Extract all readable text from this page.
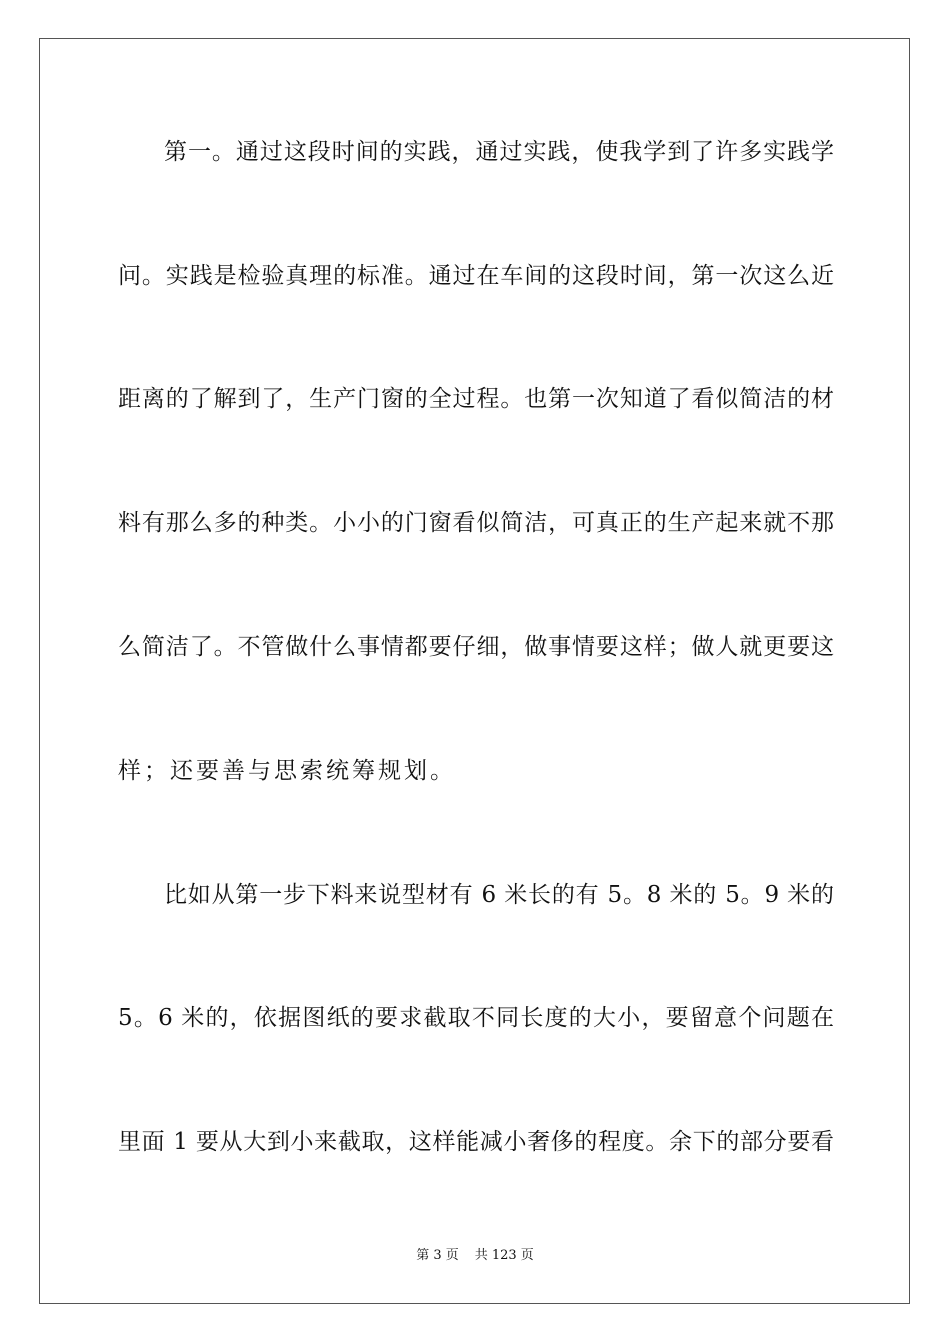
第一。通过这段时间的实践，通过实践，使我学到了许多实践学
问。实践是检验真理的标准。通过在车间的这段时间，第一次这么近
距离的了解到了，生产门窗的全过程。也第一次知道了看似简洁的材
料有那么多的种类。小小的门窗看似简洁，可真正的生产起来就不那
么简洁了。不管做什么事情都要仔细，做事情要这样；做人就更要这
样；还要善与思索统筹规划。
比如从第一步下料来说型材有 6 米长的有 5。8 米的 5。9 米的
5。6 米的，依据图纸的要求截取不同长度的大小，要留意个问题在
里面 1 要从大到小来截取，这样能减小奢侈的程度。余下的部分要看
第 3 页 共 123 页
